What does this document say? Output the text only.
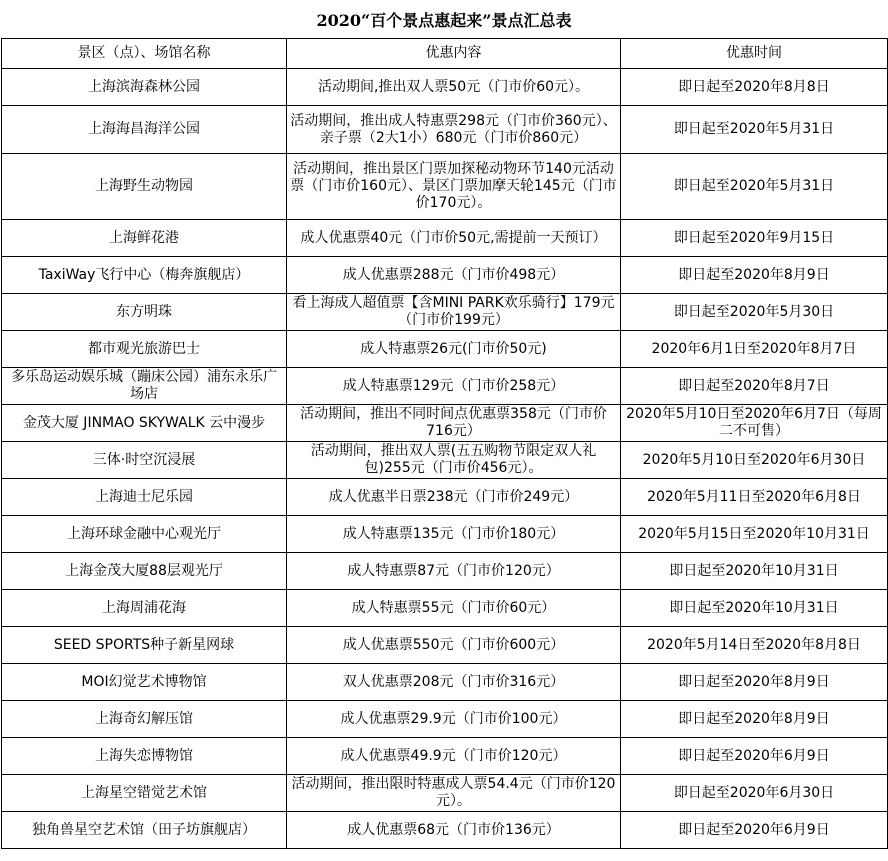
2020“百个景点惠起来”景点汇总表
景区（点）、场馆名称	优惠内容	优惠时间

上海滨海森林公园	活动期间,推出双人票50元（门市价60元）。	即日起至2020年8月8日

上海海昌海洋公园	活动期间，推出成人特惠票298元（门市价360元）、亲子票（2大1小）680元（门市价860元）	即日起至2020年5月31日

上海野生动物园	活动期间，推出景区门票加探秘动物环节140元活动票（门市价160元）、景区门票加摩天轮145元（门市价170元）。	即日起至2020年5月31日

上海鲜花港	成人优惠票40元（门市价50元,需提前一天预订）	即日起至2020年9月15日

TaxiWay飞行中心（梅奔旗舰店）	成人优惠票288元（门市价498元）	即日起至2020年8月9日

东方明珠	看上海成人超值票【含MINI PARK欢乐骑行】179元（门市价199元）	即日起至2020年5月30日

都市观光旅游巴士	成人特惠票26元(门市价50元)	2020年6月1日至2020年8月7日

多乐岛运动娱乐城（蹦床公园）浦东永乐广场店	成人特惠票129元（门市价258元）	即日起至2020年8月7日

金茂大厦 JINMAO SKYWALK 云中漫步	活动期间，推出不同时间点优惠票358元（门市价716元）	2020年5月10日至2020年6月7日（每周二不可售）

三体·时空沉浸展	活动期间，推出双人票(五五购物节限定双人礼包)255元（门市价456元）。	2020年5月10日至2020年6月30日

上海迪士尼乐园	成人优惠半日票238元（门市价249元）	2020年5月11日至2020年6月8日

上海环球金融中心观光厅	成人特惠票135元（门市价180元）	2020年5月15日至2020年10月31日

上海金茂大厦88层观光厅	成人特惠票87元（门市价120元）	即日起至2020年10月31日

上海周浦花海	成人特惠票55元（门市价60元）	即日起至2020年10月31日

SEED SPORTS种子新星网球	成人优惠票550元（门市价600元）	2020年5月14日至2020年8月8日

MOI幻觉艺术博物馆	双人优惠票208元（门市价316元）	即日起至2020年8月9日

上海奇幻解压馆	成人优惠票29.9元（门市价100元）	即日起至2020年8月9日

上海失恋博物馆	成人优惠票49.9元（门市价120元）	即日起至2020年6月9日

上海星空错觉艺术馆	活动期间，推出限时特惠成人票54.4元（门市价120元）。	即日起至2020年6月30日

独角兽星空艺术馆（田子坊旗舰店）	成人优惠票68元（门市价136元）	即日起至2020年6月9日
